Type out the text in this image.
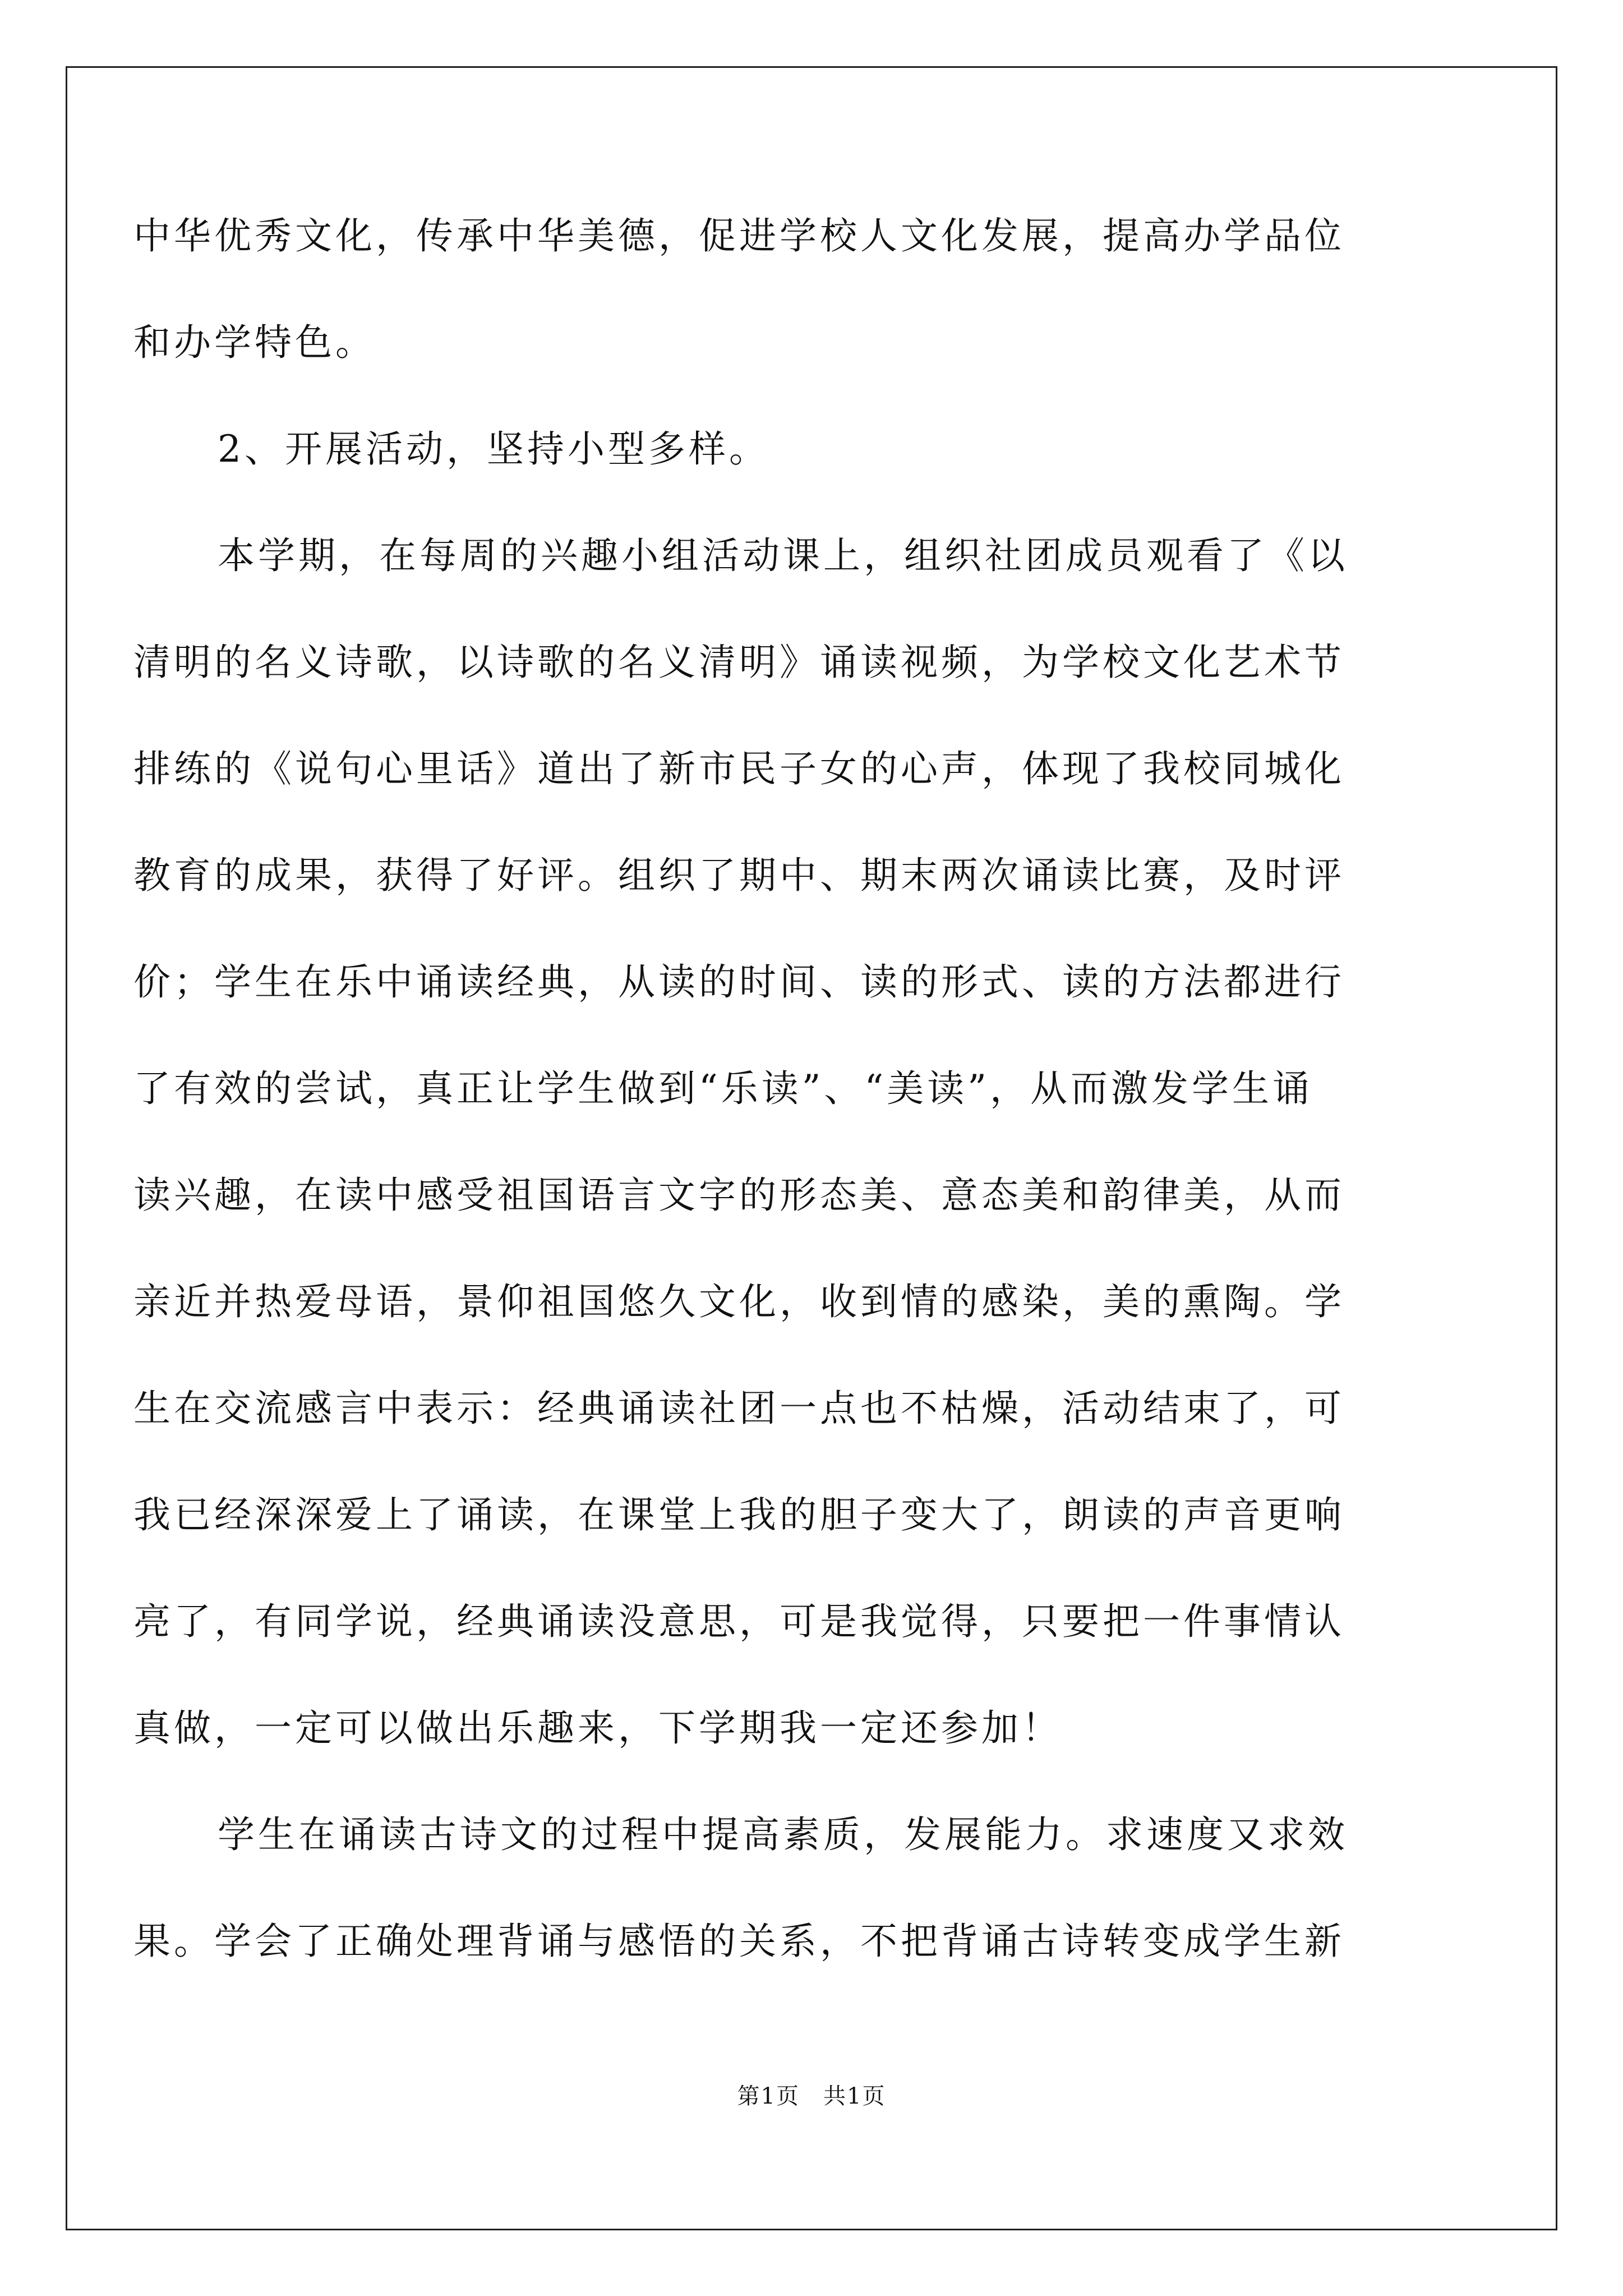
中华优秀文化，传承中华美德，促进学校人文化发展，提高办学品位
和办学特色。
2、开展活动，坚持小型多样。
本学期，在每周的兴趣小组活动课上，组织社团成员观看了《以
清明的名义诗歌，以诗歌的名义清明》诵读视频，为学校文化艺术节
排练的《说句心里话》道出了新市民子女的心声，体现了我校同城化
教育的成果，获得了好评。组织了期中、期末两次诵读比赛，及时评
价；学生在乐中诵读经典，从读的时间、读的形式、读的方法都进行
了有效的尝试，真正让学生做到“乐读”、“美读”，从而激发学生诵
读兴趣，在读中感受祖国语言文字的形态美、意态美和韵律美，从而
亲近并热爱母语，景仰祖国悠久文化，收到情的感染，美的熏陶。学
生在交流感言中表示：经典诵读社团一点也不枯燥，活动结束了，可
我已经深深爱上了诵读，在课堂上我的胆子变大了，朗读的声音更响
亮了，有同学说，经典诵读没意思，可是我觉得，只要把一件事情认
真做，一定可以做出乐趣来，下学期我一定还参加！
学生在诵读古诗文的过程中提高素质，发展能力。求速度又求效
果。学会了正确处理背诵与感悟的关系，不把背诵古诗转变成学生新
第1页　共1页
